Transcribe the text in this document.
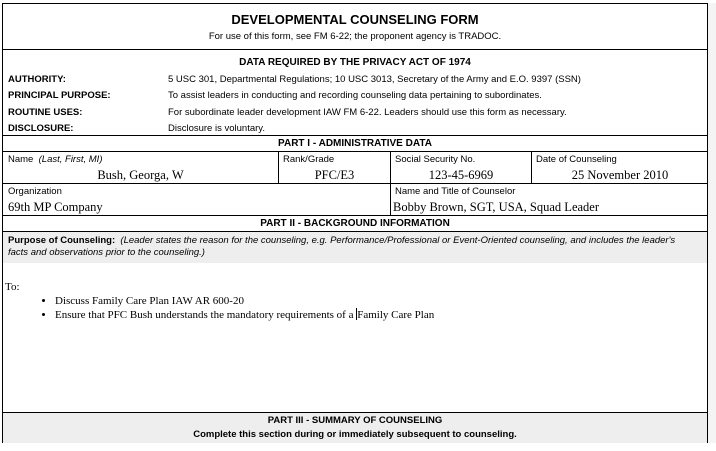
DEVELOPMENTAL COUNSELING FORM
For use of this form, see FM 6-22; the proponent agency is TRADOC.
DATA REQUIRED BY THE PRIVACY ACT OF 1974
AUTHORITY:	5 USC 301, Departmental Regulations; 10 USC 3013, Secretary of the Army and E.O. 9397 (SSN)
PRINCIPAL PURPOSE:	To assist leaders in conducting and recording counseling data pertaining to subordinates.
ROUTINE USES:	For subordinate leader development IAW FM 6-22. Leaders should use this form as necessary.
DISCLOSURE:	Disclosure is voluntary.
PART I - ADMINISTRATIVE DATA
Name (Last, First, MI)
Bush, Georga, W
Rank/Grade
PFC/E3
Social Security No.
123-45-6969
Date of Counseling
25 November 2010
Organization
69th MP Company
Name and Title of Counselor
Bobby Brown, SGT, USA, Squad Leader
PART II - BACKGROUND INFORMATION
Purpose of Counseling: (Leader states the reason for the counseling, e.g. Performance/Professional or Event-Oriented counseling, and includes the leader's facts and observations prior to the counseling.)
To:
• Discuss Family Care Plan IAW AR 600-20
• Ensure that PFC Bush understands the mandatory requirements of a Family Care Plan
PART III - SUMMARY OF COUNSELING
Complete this section during or immediately subsequent to counseling.
